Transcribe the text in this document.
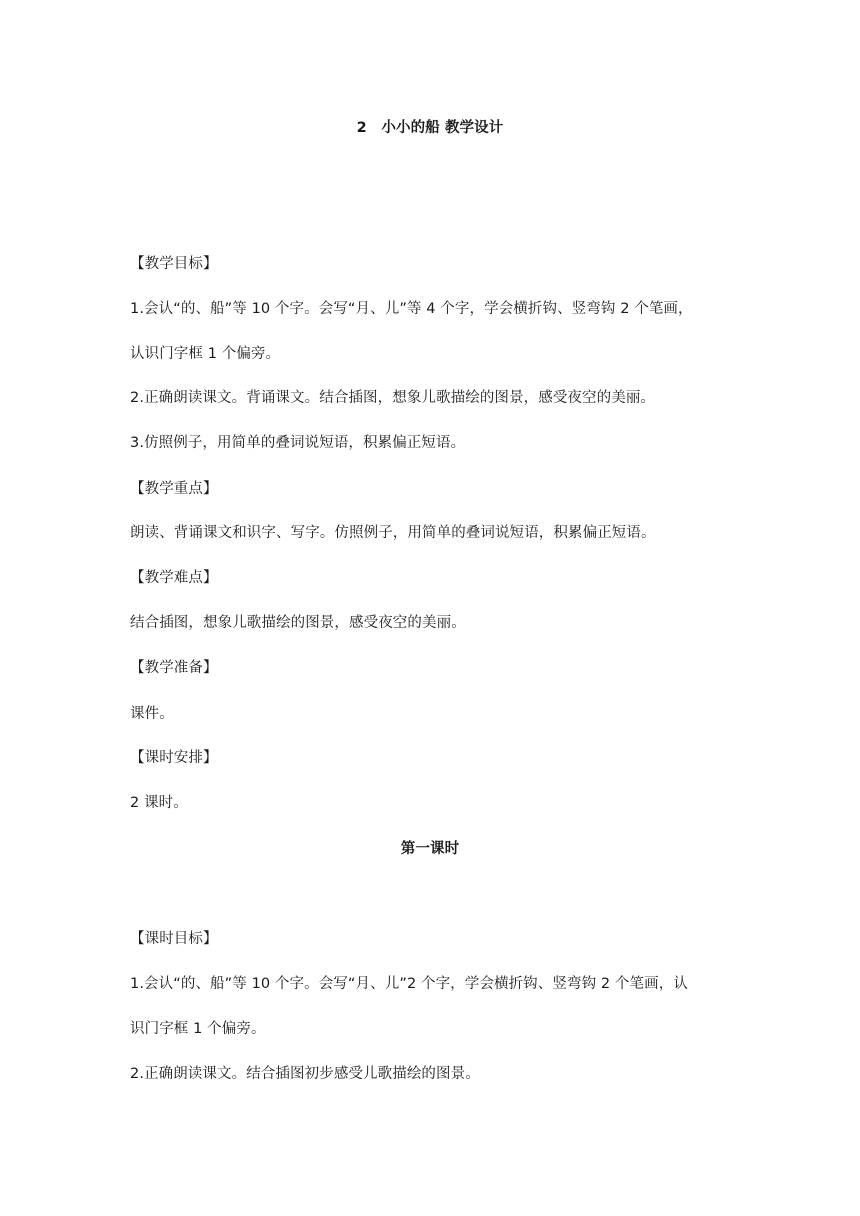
2　小小的船 教学设计
【教学目标】
1.会认“的、船”等 10 个字。会写“月、儿”等 4 个字，学会横折钩、竖弯钩 2 个笔画，
认识门字框 1 个偏旁。
2.正确朗读课文。背诵课文。结合插图，想象儿歌描绘的图景，感受夜空的美丽。
3.仿照例子，用简单的叠词说短语，积累偏正短语。
【教学重点】
朗读、背诵课文和识字、写字。仿照例子，用简单的叠词说短语，积累偏正短语。
【教学难点】
结合插图，想象儿歌描绘的图景，感受夜空的美丽。
【教学准备】
课件。
【课时安排】
2 课时。
第一课时
【课时目标】
1.会认“的、船”等 10 个字。会写“月、儿”2 个字，学会横折钩、竖弯钩 2 个笔画，认
识门字框 1 个偏旁。
2.正确朗读课文。结合插图初步感受儿歌描绘的图景。
